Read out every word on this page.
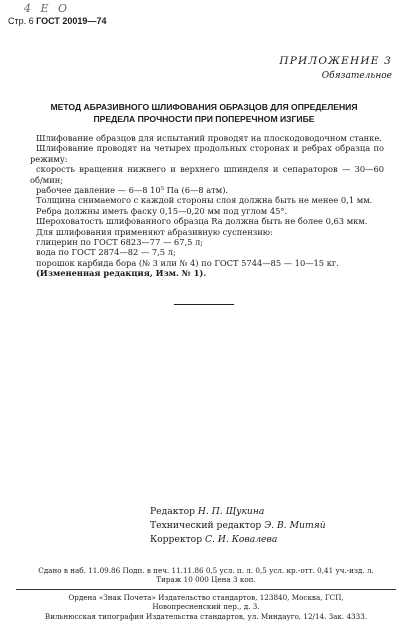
4 E O
Стр. 6 ГОСТ 20019—74
ПРИЛОЖЕНИЕ 3
Обязательное
МЕТОД АБРАЗИВНОГО ШЛИФОВАНИЯ ОБРАЗЦОВ ДЛЯ ОПРЕДЕЛЕНИЯ
ПРЕДЕЛА ПРОЧНОСТИ ПРИ ПОПЕРЕЧНОМ ИЗГИБЕ

Шлифование образцов для испытаний проводят на плоскодоводочном станке.

Шлифование проводят на четырех продольных сторонах и ребрах образца по режиму:

скорость вращения нижнего и верхнего шпинделя и сепараторов — 30—60 об/мин;

рабочее давление — 6—8 10⁵ Па (6—8 атм).

Толщина снимаемого с каждой стороны слоя должна быть не менее 0,1 мм.

Ребра должны иметь фаску 0,15—0,20 мм под углом 45°.

Шероховатость шлифованного образца Ra должна быть не более 0,63 мкм.

Для шлифования применяют абразивную суспензию:

глицерин по ГОСТ 6823—77 — 67,5 л;

вода по ГОСТ 2874—82 — 7,5 л;

порошок карбида бора (№ 3 или № 4) по ГОСТ 5744—85 — 10—15 кг.

(Измененная редакция, Изм. № 1).

Редактор Н. П. Щукина
Технический редактор Э. В. Митяй
Корректор С. И. Ковалева

Сдано в наб. 11.09.86 Подп. в печ. 11.11.86 0,5 усл. п. л. 0,5 усл. кр.-отт. 0,41 уч.-изд. л.

Тираж 10 000 Цена 3 коп.

Ордена «Знак Почета» Издательство стандартов, 123840, Москва, ГСП,

Новопресненский пер., д. 3.

Вильнюсская типография Издательства стандартов, ул. Миндауго, 12/14. Зак. 4333.
